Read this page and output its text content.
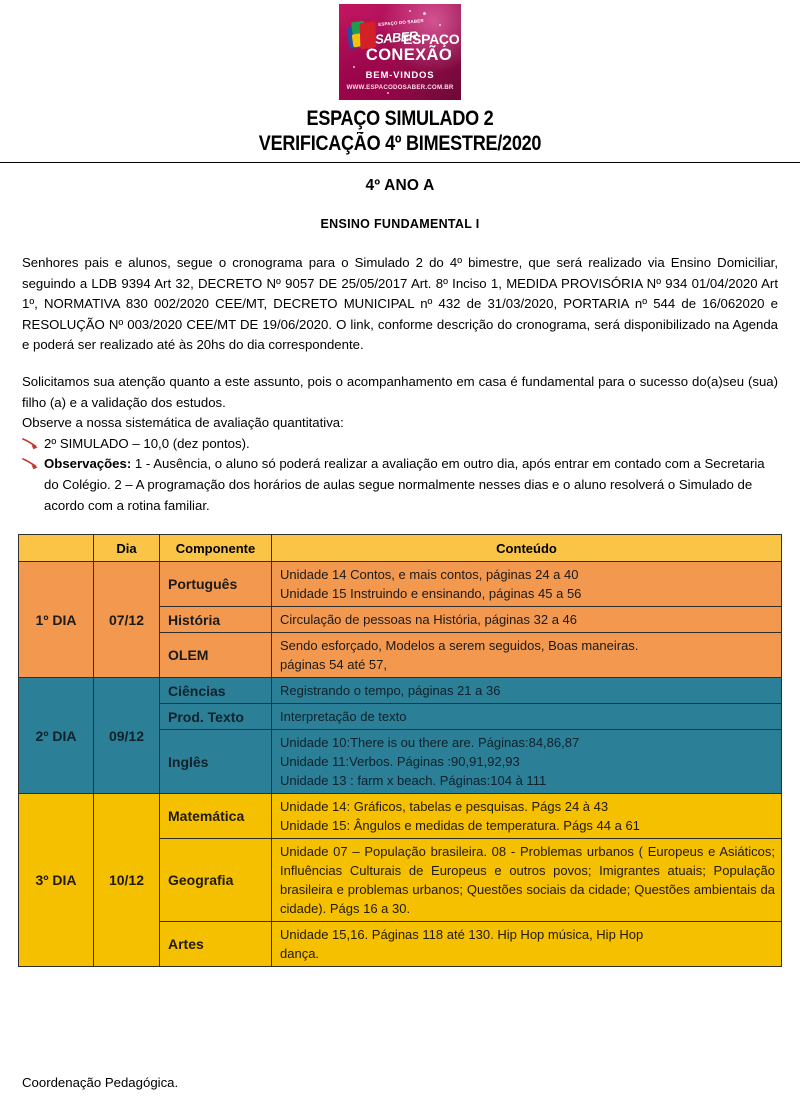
ESPAÇO DO SABER
SABER
ESPAÇO
CONEXÃO
BEM-VINDOS
WWW.ESPACODOSABER.COM.BR
ESPAÇO SIMULADO 2
VERIFICAÇÃO 4º BIMESTRE/2020
4º ANO A
ENSINO FUNDAMENTAL I

Senhores pais e alunos, segue o cronograma para o Simulado 2 do 4º bimestre, que será realizado via Ensino Domiciliar, seguindo a LDB 9394 Art 32, DECRETO Nº 9057 DE 25/05/2017 Art. 8º Inciso 1, MEDIDA PROVISÓRIA Nº 934 01/04/2020 Art 1º, NORMATIVA 830 002/2020 CEE/MT, DECRETO MUNICIPAL nº 432 de 31/03/2020, PORTARIA nº 544 de 16/062020 e RESOLUÇÃO Nº 003/2020 CEE/MT DE 19/06/2020. O link, conforme descrição do cronograma, será disponibilizado na Agenda e poderá ser realizado até às 20hs do dia correspondente.

Solicitamos sua atenção quanto a este assunto, pois o acompanhamento em casa é fundamental para o sucesso do(a)seu (sua) filho (a) e a validação dos estudos.

Observe a nossa sistemática de avaliação quantitativa:

2º SIMULADO – 10,0 (dez pontos).
Observações: 1 - Ausência, o aluno só poderá realizar a avaliação em outro dia, após entrar em contado com a Secretaria do Colégio. 2 – A programação dos horários de aulas segue normalmente nesses dias e o aluno resolverá o Simulado de acordo com a rotina familiar.
	Dia	Componente	Conteúdo
1º DIA	07/12	Português	Unidade 14 Contos, e mais contos, páginas 24 a 40
Unidade 15 Instruindo e ensinando, páginas 45 a 56

		História	Circulação de pessoas na História, páginas 32 a 46

		OLEM	Sendo esforçado, Modelos a serem seguidos, Boas maneiras.
páginas 54 até 57,

2º DIA	09/12	Ciências	Registrando o tempo, páginas 21 a 36

		Prod. Texto	Interpretação de texto

		Inglês	Unidade 10:There is ou there are. Páginas:84,86,87
Unidade 11:Verbos. Páginas :90,91,92,93
Unidade 13 : farm x beach. Páginas:104 à 111

3º DIA	10/12	Matemática	Unidade 14: Gráficos, tabelas e pesquisas. Págs 24 à 43
Unidade 15: Ângulos e medidas de temperatura. Págs 44 a 61

		Geografia	Unidade 07 – População brasileira. 08 - Problemas urbanos ( Europeus e Asiáticos; Influências Culturais de Europeus e outros povos; Imigrantes atuais; População brasileira e problemas urbanos; Questões sociais da cidade; Questões ambientais da cidade). Págs 16 a 30.

		Artes	Unidade 15,16. Páginas 118 até 130. Hip Hop música, Hip Hop
dança.
Coordenação Pedagógica.
